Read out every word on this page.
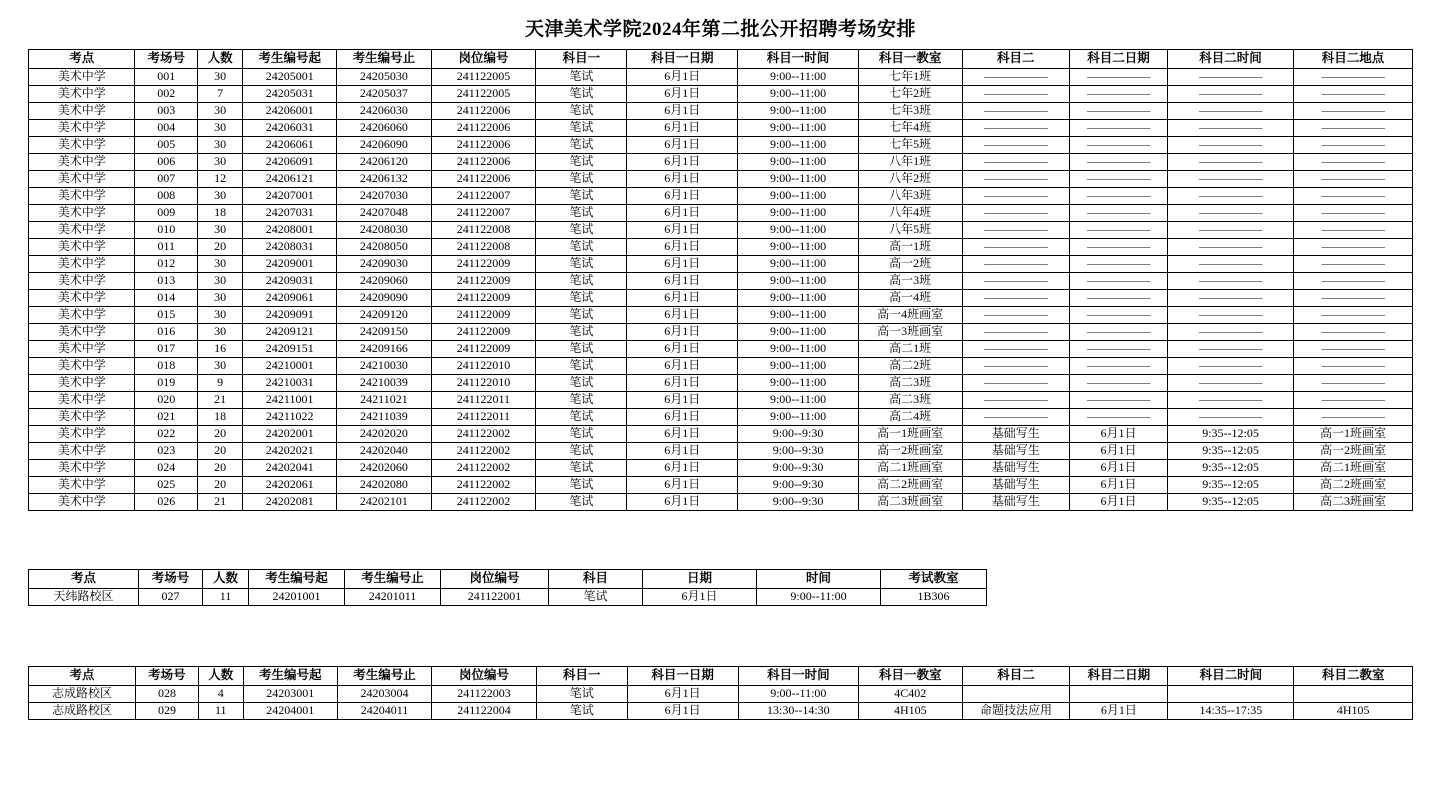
天津美术学院2024年第二批公开招聘考场安排
考点	考场号	人数	考生编号起	考生编号止	岗位编号	科目一	科目一日期	科目一时间	科目一教室	科目二	科目二日期	科目二时间	科目二地点
美术中学	001	30	24205001	24205030	241122005	笔试	6月1日	9:00--11:00	七年1班	——————	——————	——————	——————
美术中学	002	7	24205031	24205037	241122005	笔试	6月1日	9:00--11:00	七年2班	——————	——————	——————	——————
美术中学	003	30	24206001	24206030	241122006	笔试	6月1日	9:00--11:00	七年3班	——————	——————	——————	——————
美术中学	004	30	24206031	24206060	241122006	笔试	6月1日	9:00--11:00	七年4班	——————	——————	——————	——————
美术中学	005	30	24206061	24206090	241122006	笔试	6月1日	9:00--11:00	七年5班	——————	——————	——————	——————
美术中学	006	30	24206091	24206120	241122006	笔试	6月1日	9:00--11:00	八年1班	——————	——————	——————	——————
美术中学	007	12	24206121	24206132	241122006	笔试	6月1日	9:00--11:00	八年2班	——————	——————	——————	——————
美术中学	008	30	24207001	24207030	241122007	笔试	6月1日	9:00--11:00	八年3班	——————	——————	——————	——————
美术中学	009	18	24207031	24207048	241122007	笔试	6月1日	9:00--11:00	八年4班	——————	——————	——————	——————
美术中学	010	30	24208001	24208030	241122008	笔试	6月1日	9:00--11:00	八年5班	——————	——————	——————	——————
美术中学	011	20	24208031	24208050	241122008	笔试	6月1日	9:00--11:00	高一1班	——————	——————	——————	——————
美术中学	012	30	24209001	24209030	241122009	笔试	6月1日	9:00--11:00	高一2班	——————	——————	——————	——————
美术中学	013	30	24209031	24209060	241122009	笔试	6月1日	9:00--11:00	高一3班	——————	——————	——————	——————
美术中学	014	30	24209061	24209090	241122009	笔试	6月1日	9:00--11:00	高一4班	——————	——————	——————	——————
美术中学	015	30	24209091	24209120	241122009	笔试	6月1日	9:00--11:00	高一4班画室	——————	——————	——————	——————
美术中学	016	30	24209121	24209150	241122009	笔试	6月1日	9:00--11:00	高一3班画室	——————	——————	——————	——————
美术中学	017	16	24209151	24209166	241122009	笔试	6月1日	9:00--11:00	高二1班	——————	——————	——————	——————
美术中学	018	30	24210001	24210030	241122010	笔试	6月1日	9:00--11:00	高二2班	——————	——————	——————	——————
美术中学	019	9	24210031	24210039	241122010	笔试	6月1日	9:00--11:00	高二3班	——————	——————	——————	——————
美术中学	020	21	24211001	24211021	241122011	笔试	6月1日	9:00--11:00	高二3班	——————	——————	——————	——————
美术中学	021	18	24211022	24211039	241122011	笔试	6月1日	9:00--11:00	高二4班	——————	——————	——————	——————
美术中学	022	20	24202001	24202020	241122002	笔试	6月1日	9:00--9:30	高一1班画室	基础写生	6月1日	9:35--12:05	高一1班画室
美术中学	023	20	24202021	24202040	241122002	笔试	6月1日	9:00--9:30	高一2班画室	基础写生	6月1日	9:35--12:05	高一2班画室
美术中学	024	20	24202041	24202060	241122002	笔试	6月1日	9:00--9:30	高二1班画室	基础写生	6月1日	9:35--12:05	高二1班画室
美术中学	025	20	24202061	24202080	241122002	笔试	6月1日	9:00--9:30	高二2班画室	基础写生	6月1日	9:35--12:05	高二2班画室
美术中学	026	21	24202081	24202101	241122002	笔试	6月1日	9:00--9:30	高二3班画室	基础写生	6月1日	9:35--12:05	高二3班画室
考点	考场号	人数	考生编号起	考生编号止	岗位编号	科目	日期	时间	考试教室
天纬路校区	027	11	24201001	24201011	241122001	笔试	6月1日	9:00--11:00	1B306
考点	考场号	人数	考生编号起	考生编号止	岗位编号	科目一	科目一日期	科目一时间	科目一教室	科目二	科目二日期	科目二时间	科目二教室
志成路校区	028	4	24203001	24203004	241122003	笔试	6月1日	9:00--11:00	4C402				
志成路校区	029	11	24204001	24204011	241122004	笔试	6月1日	13:30--14:30	4H105	命题技法应用	6月1日	14:35--17:35	4H105
